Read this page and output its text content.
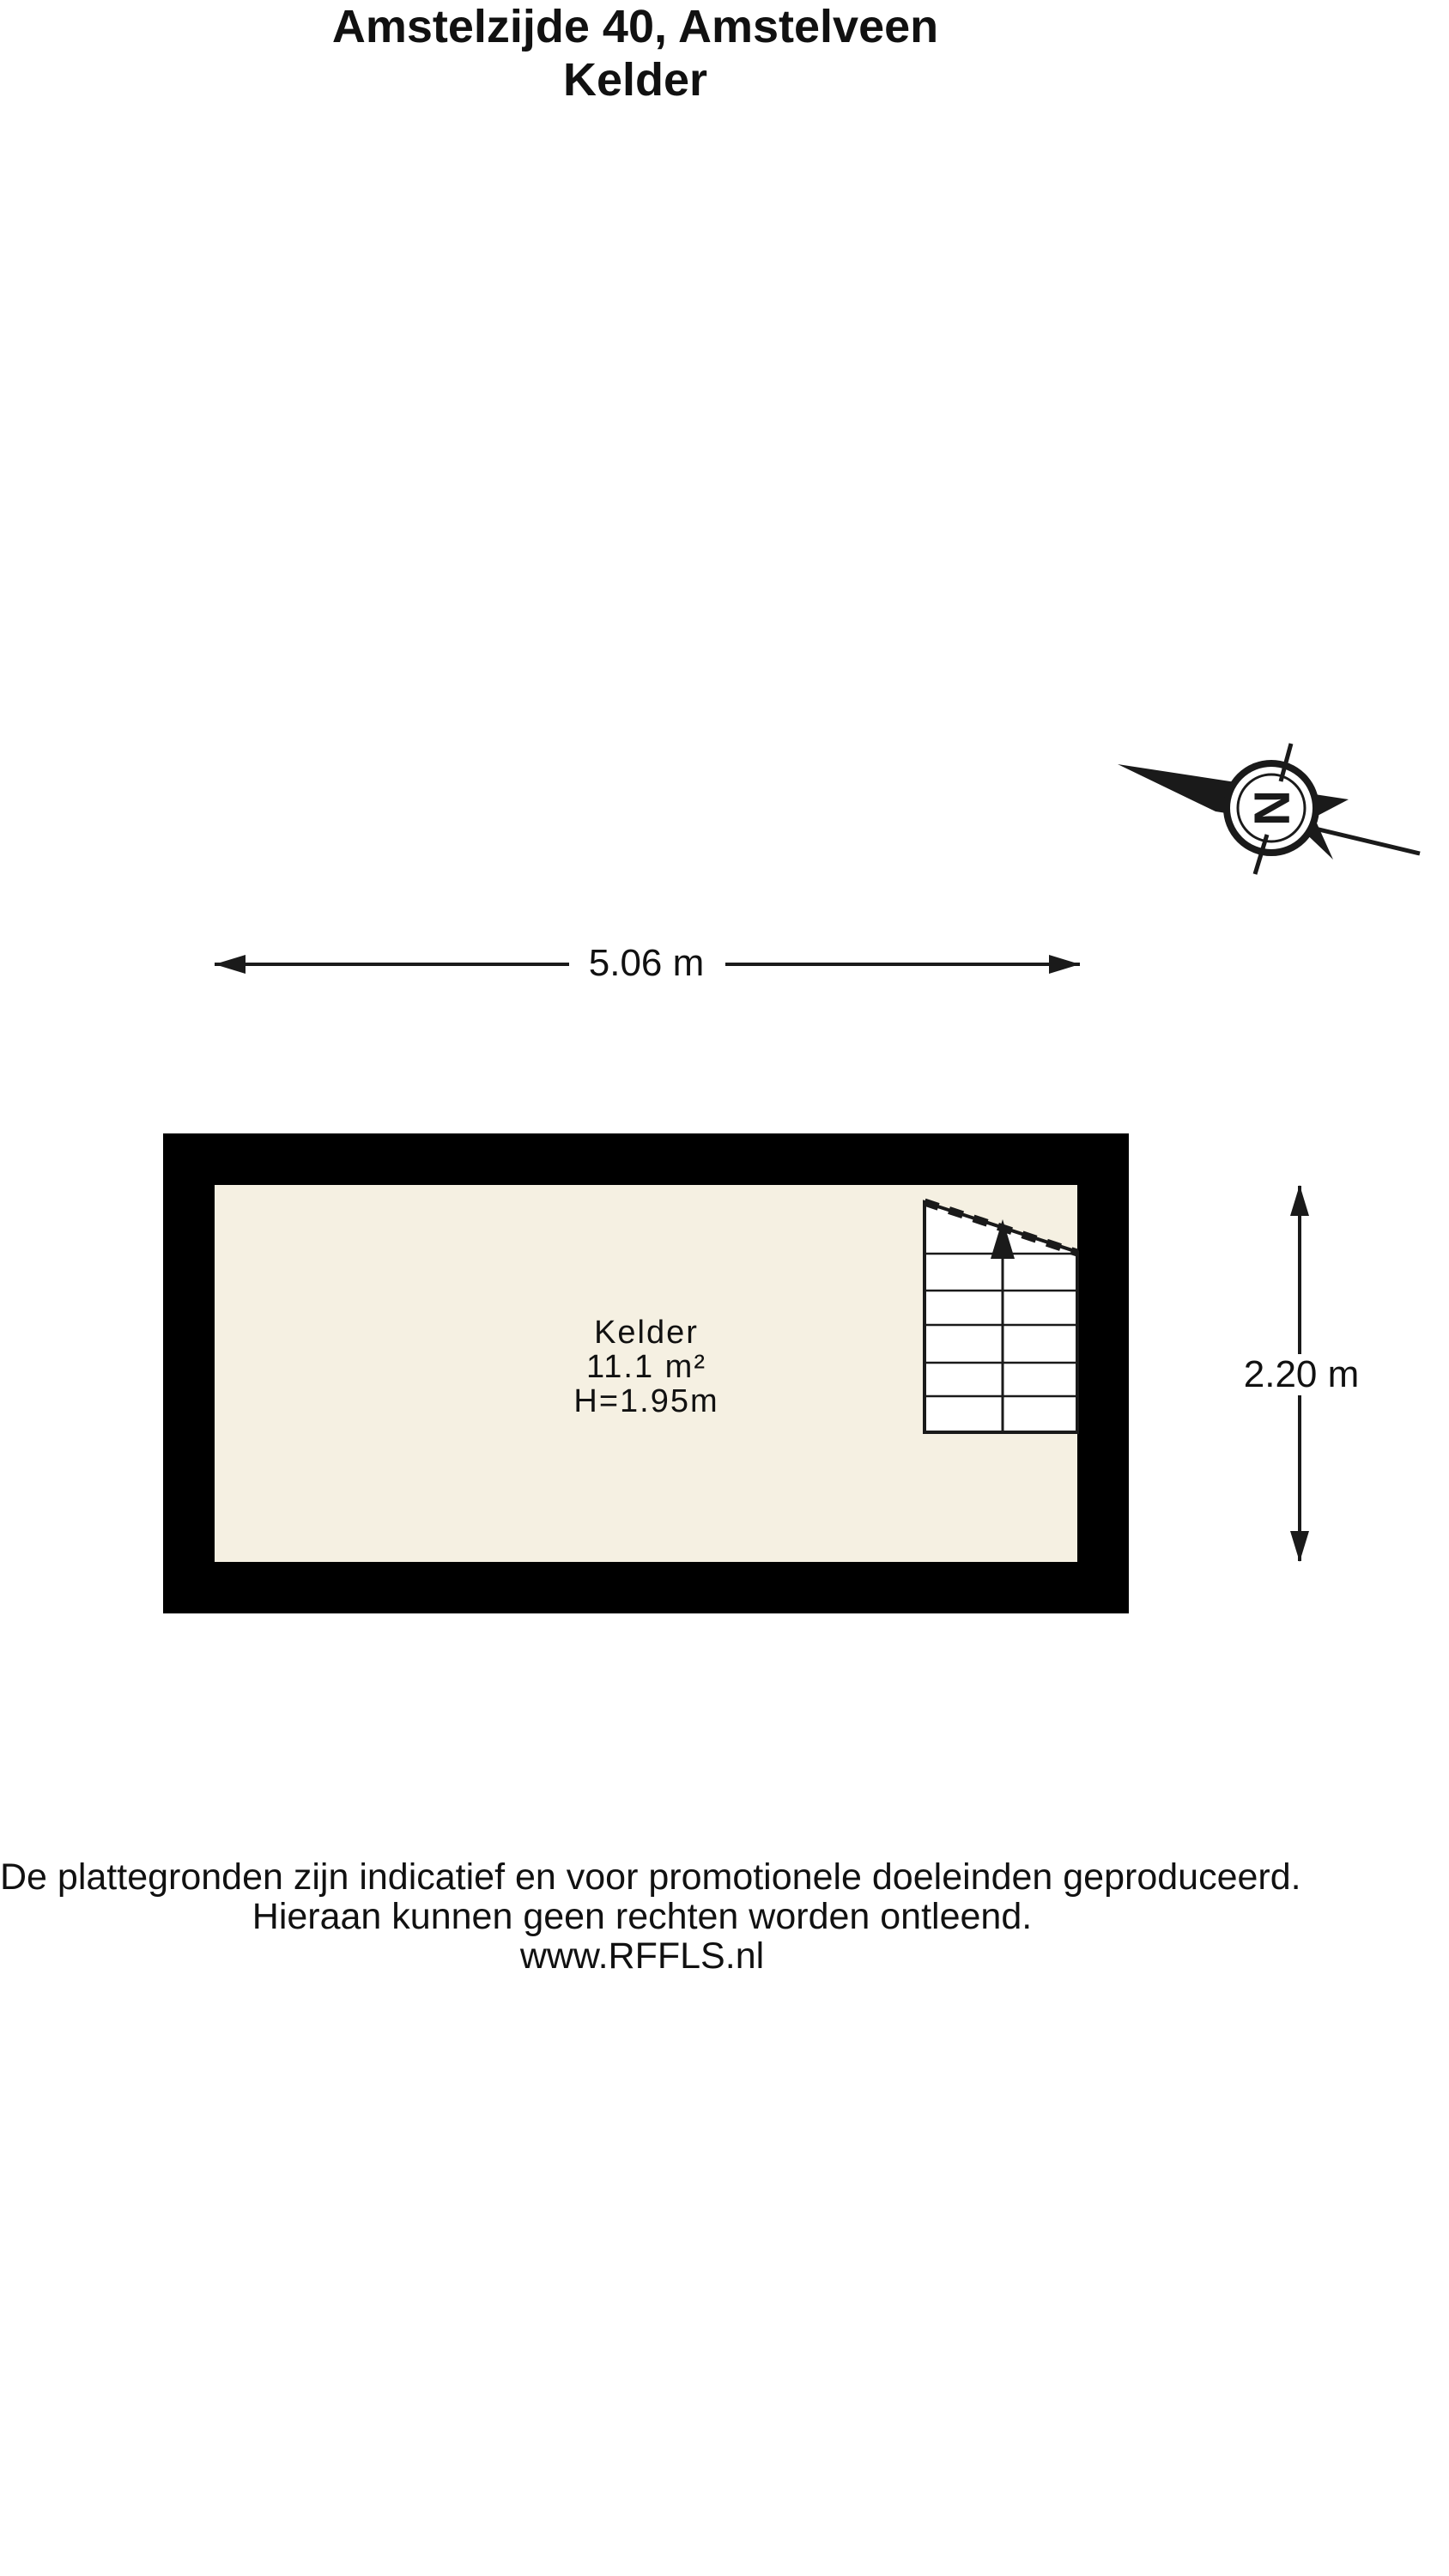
Amstelzijde 40, Amstelveen
Kelder
N
5.06 m
2.20 m
Kelder
11.1 m²
H=1.95m
De plattegronden zijn indicatief en voor promotionele doeleinden geproduceerd.
Hieraan kunnen geen rechten worden ontleend.
www.RFFLS.nl
